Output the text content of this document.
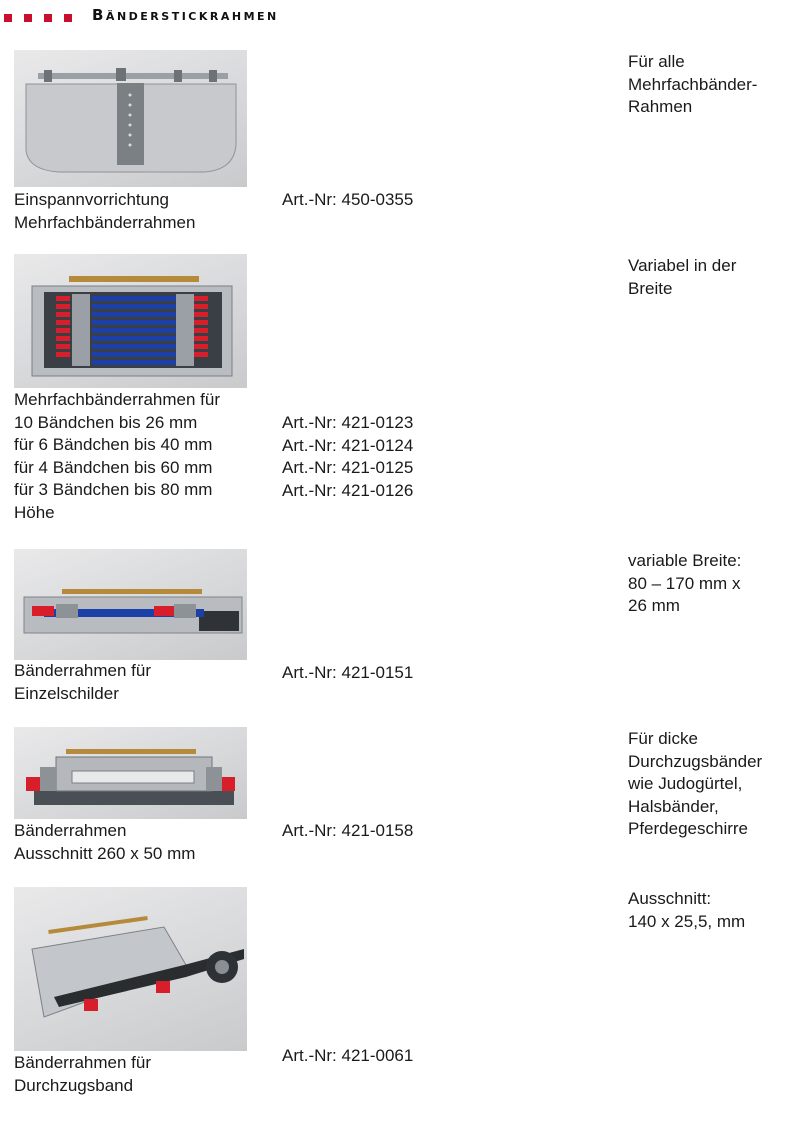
Bänderstickrahmen
Einspannvorrichtung
Mehrfachbänderrahmen
Art.-Nr: 450-0355
Für alle
Mehrfachbänder-
Rahmen
Mehrfachbänderrahmen für
10 Bändchen bis 26 mm
für 6 Bändchen bis 40 mm
für 4 Bändchen bis 60 mm
für 3 Bändchen bis 80 mm
Höhe
Art.-Nr: 421-0123
Art.-Nr: 421-0124
Art.-Nr: 421-0125
Art.-Nr: 421-0126
Variabel in der
Breite
Bänderrahmen für
Einzelschilder
Art.-Nr: 421-0151
variable Breite:
80 – 170 mm x
26 mm
Bänderrahmen
Ausschnitt 260 x 50 mm
Art.-Nr: 421-0158
Für dicke
Durchzugsbänder
wie Judogürtel,
Halsbänder,
Pferdegeschirre
Bänderrahmen für
Durchzugsband
Art.-Nr: 421-0061
Ausschnitt:
140 x 25,5, mm
